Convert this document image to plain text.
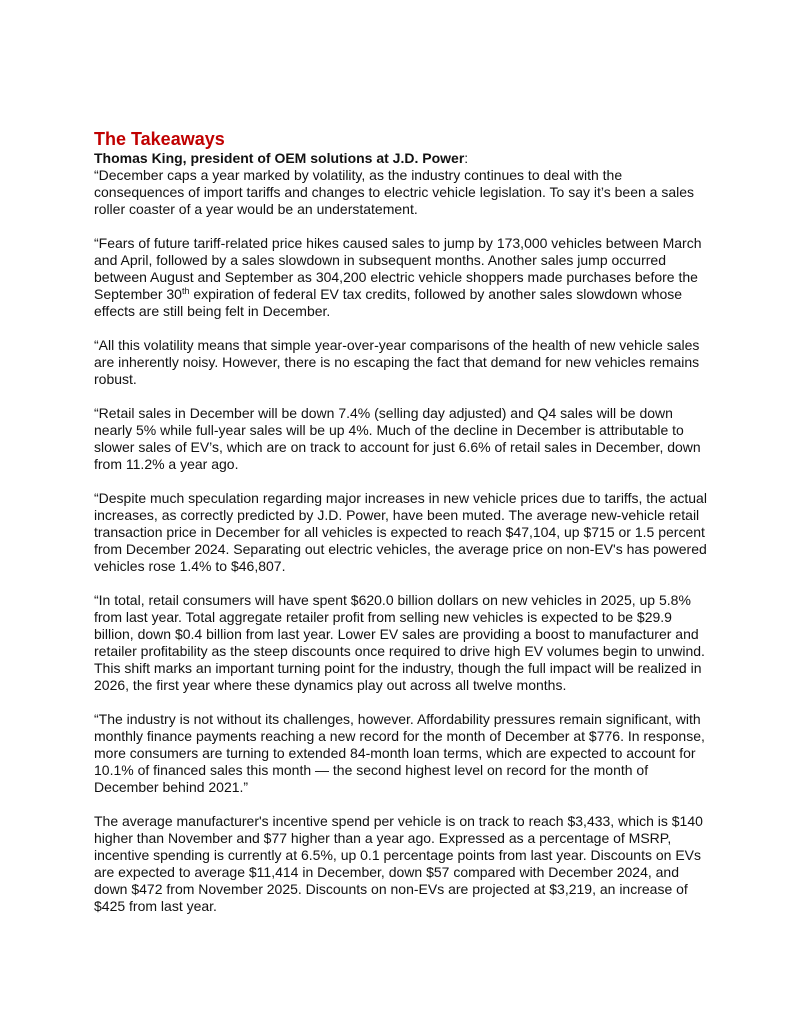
The Takeaways

Thomas King, president of OEM solutions at J.D. Power:

“December caps a year marked by volatility, as the industry continues to deal with the consequences of import tariffs and changes to electric vehicle legislation. To say it’s been a sales roller coaster of a year would be an understatement.

“Fears of future tariff-related price hikes caused sales to jump by 173,000 vehicles between March and April, followed by a sales slowdown in subsequent months. Another sales jump occurred between August and September as 304,200 electric vehicle shoppers made purchases before the September 30th expiration of federal EV tax credits, followed by another sales slowdown whose effects are still being felt in December.

“All this volatility means that simple year-over-year comparisons of the health of new vehicle sales are inherently noisy. However, there is no escaping the fact that demand for new vehicles remains robust.

“Retail sales in December will be down 7.4% (selling day adjusted) and Q4 sales will be down nearly 5% while full-year sales will be up 4%. Much of the decline in December is attributable to slower sales of EV’s, which are on track to account for just 6.6% of retail sales in December, down from 11.2% a year ago.

“Despite much speculation regarding major increases in new vehicle prices due to tariffs, the actual increases, as correctly predicted by J.D. Power, have been muted. The average new-vehicle retail transaction price in December for all vehicles is expected to reach $47,104, up $715 or 1.5 percent from December 2024. Separating out electric vehicles, the average price on non-EV's has powered vehicles rose 1.4% to $46,807.

“In total, retail consumers will have spent $620.0 billion dollars on new vehicles in 2025, up 5.8% from last year. Total aggregate retailer profit from selling new vehicles is expected to be $29.9 billion, down $0.4 billion from last year. Lower EV sales are providing a boost to manufacturer and retailer profitability as the steep discounts once required to drive high EV volumes begin to unwind. This shift marks an important turning point for the industry, though the full impact will be realized in 2026, the first year where these dynamics play out across all twelve months.

“The industry is not without its challenges, however. Affordability pressures remain significant, with monthly finance payments reaching a new record for the month of December at $776. In response, more consumers are turning to extended 84-month loan terms, which are expected to account for 10.1% of financed sales this month — the second highest level on record for the month of December behind 2021.”

The average manufacturer's incentive spend per vehicle is on track to reach $3,433, which is $140 higher than November and $77 higher than a year ago. Expressed as a percentage of MSRP, incentive spending is currently at 6.5%, up 0.1 percentage points from last year. Discounts on EVs are expected to average $11,414 in December, down $57 compared with December 2024, and down $472 from November 2025. Discounts on non-EVs are projected at $3,219, an increase of $425 from last year.
